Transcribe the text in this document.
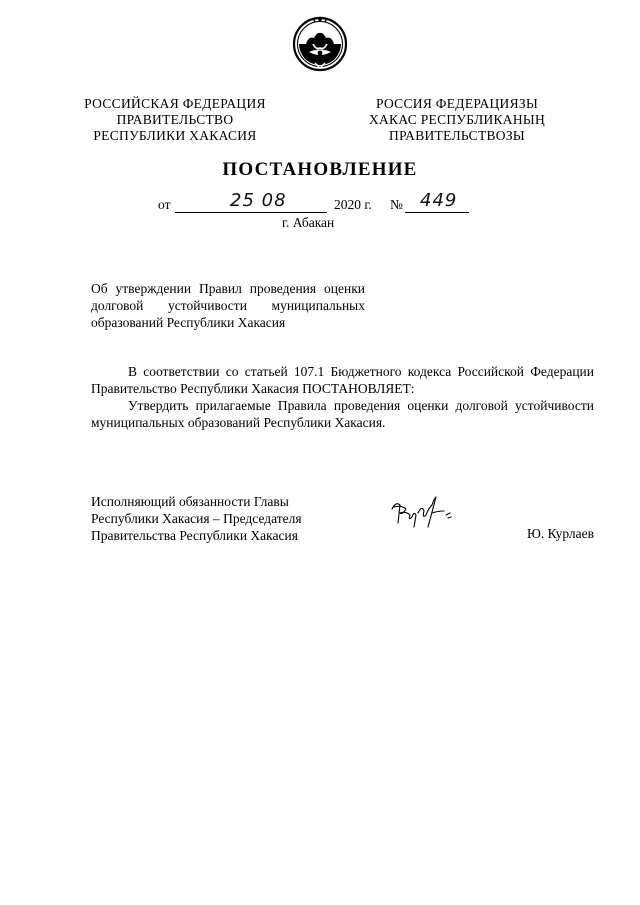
РОССИЙСКАЯ ФЕДЕРАЦИЯ
ПРАВИТЕЛЬСТВО
РЕСПУБЛИКИ ХАКАСИЯ
РОССИЯ ФЕДЕРАЦИЯЗЫ
ХАКАС РЕСПУБЛИКАНЫҢ
ПРАВИТЕЛЬСТВОЗЫ
ПОСТАНОВЛЕНИЕ
от	25 08	2020 г. № 449
г. Абакан
Об утверждении Правил проведения оценки долговой устойчивости муниципальных образований Республики Хакасия

В соответствии со статьей 107.1 Бюджетного кодекса Российской Федерации Правительство Республики Хакасия ПОСТАНОВЛЯЕТ:

Утвердить прилагаемые Правила проведения оценки долговой устойчивости муниципальных образований Республики Хакасия.

Исполняющий обязанности Главы
Республики Хакасия – Председателя
Правительства Республики Хакасия	Ю. Курлаев
